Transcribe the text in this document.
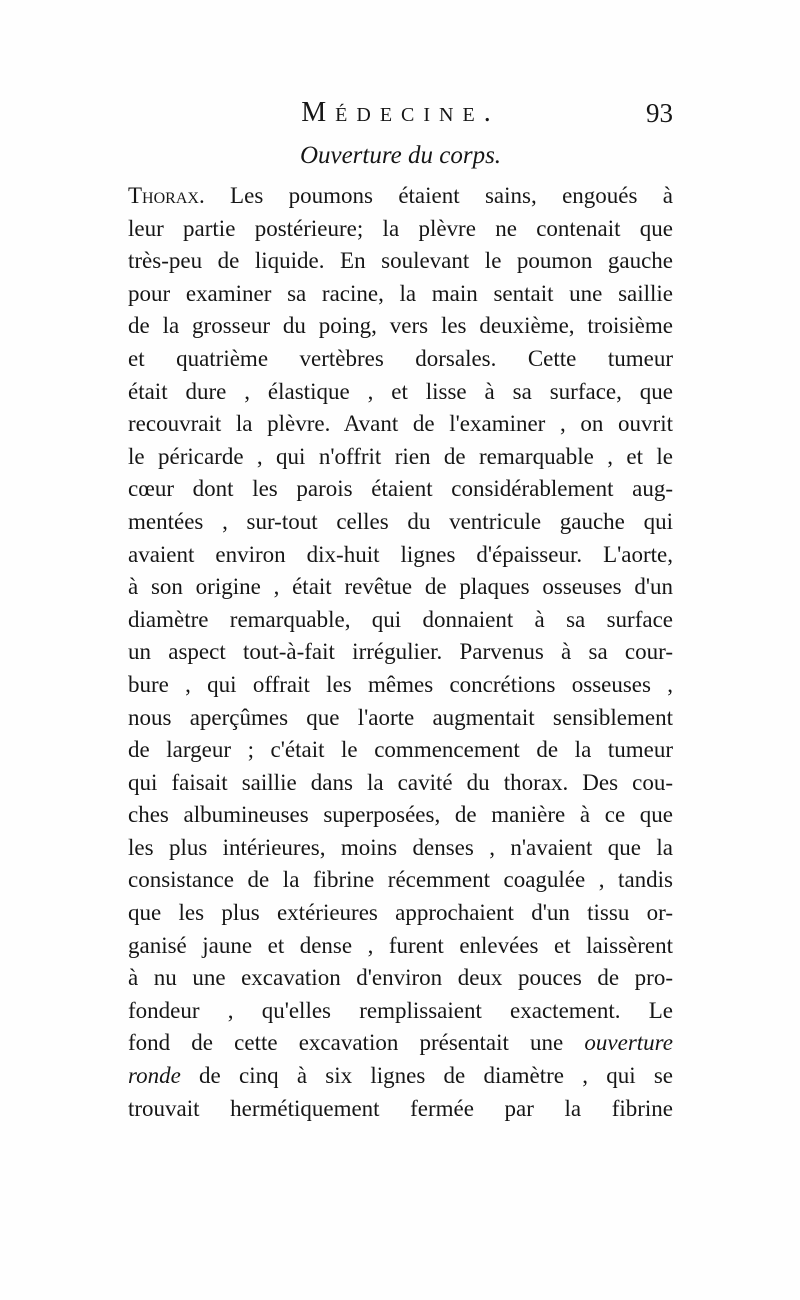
Médecine.	93
Ouverture du corps.
Thorax. Les poumons étaient sains, engoués à
leur partie postérieure; la plèvre ne contenait que
très-peu de liquide. En soulevant le poumon gauche
pour examiner sa racine, la main sentait une saillie
de la grosseur du poing, vers les deuxième, troisième
et quatrième vertèbres dorsales. Cette tumeur
était dure , élastique , et lisse à sa surface, que
recouvrait la plèvre. Avant de l'examiner , on ouvrit
le péricarde , qui n'offrit rien de remarquable , et le
cœur dont les parois étaient considérablement aug-
mentées , sur-tout celles du ventricule gauche qui
avaient environ dix-huit lignes d'épaisseur. L'aorte,
à son origine , était revêtue de plaques osseuses d'un
diamètre remarquable, qui donnaient à sa surface
un aspect tout-à-fait irrégulier. Parvenus à sa cour-
bure , qui offrait les mêmes concrétions osseuses ,
nous aperçûmes que l'aorte augmentait sensiblement
de largeur ; c'était le commencement de la tumeur
qui faisait saillie dans la cavité du thorax. Des cou-
ches albumineuses superposées, de manière à ce que
les plus intérieures, moins denses , n'avaient que la
consistance de la fibrine récemment coagulée , tandis
que les plus extérieures approchaient d'un tissu or-
ganisé jaune et dense , furent enlevées et laissèrent
à nu une excavation d'environ deux pouces de pro-
fondeur , qu'elles remplissaient exactement. Le
fond de cette excavation présentait une ouverture
ronde de cinq à six lignes de diamètre , qui se
trouvait hermétiquement fermée par la fibrine
